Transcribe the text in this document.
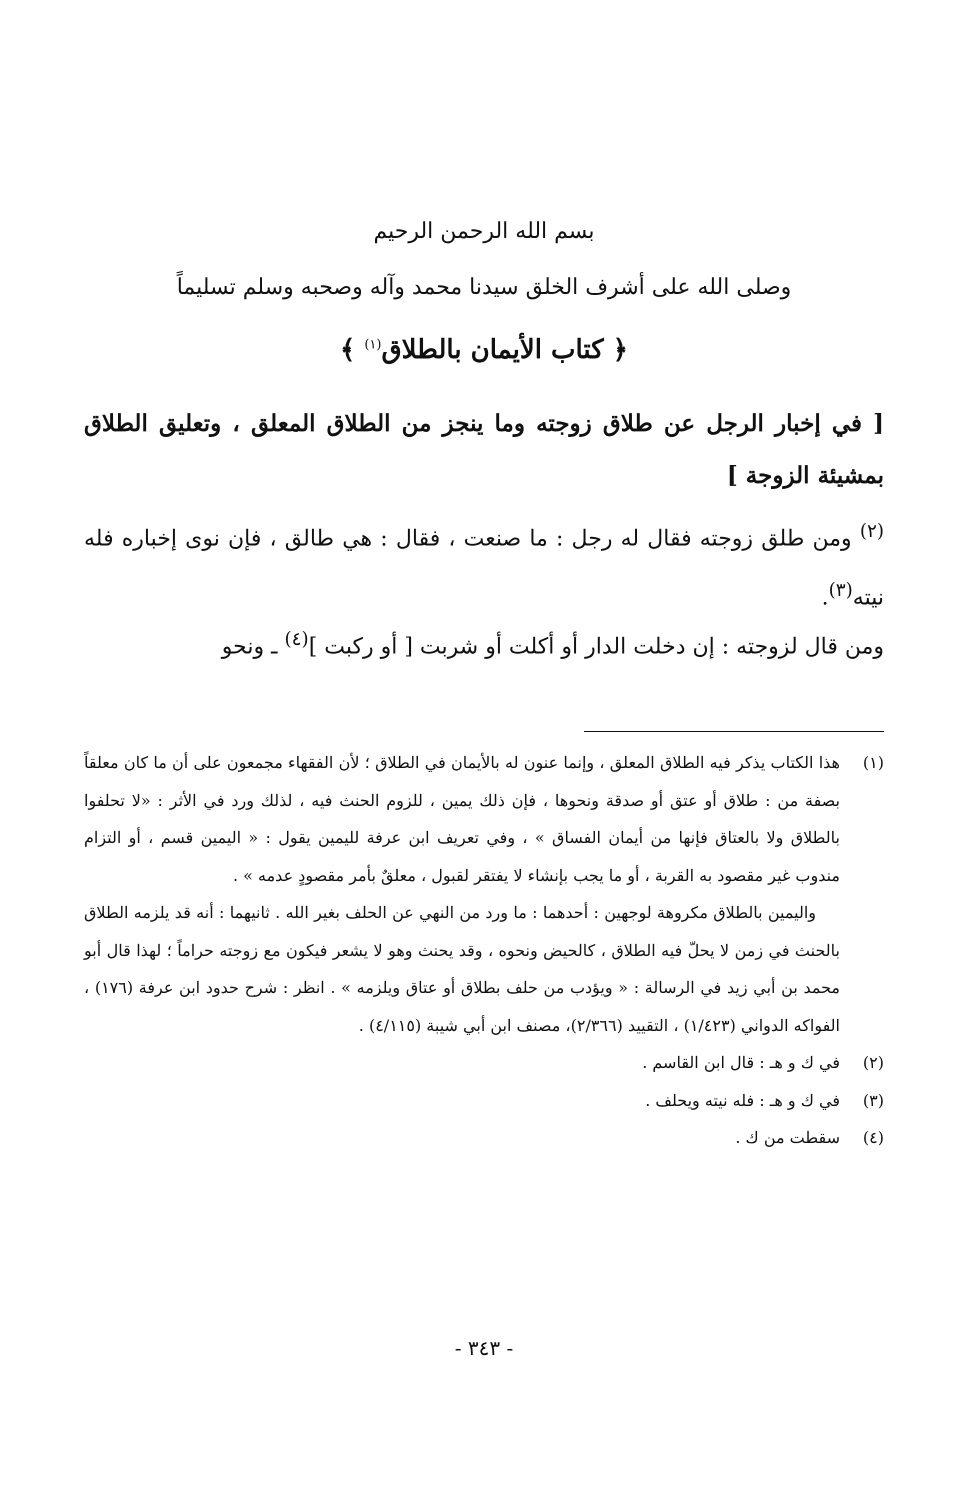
بسم الله الرحمن الرحيم
وصلى الله على أشرف الخلق سيدنا محمد وآله وصحبه وسلم تسليماً
﴿ كتاب الأيمان بالطلاق$^{(١)}$ ﴾
[ في إخبار الرجل عن طلاق زوجته وما ينجز من الطلاق المعلق ، وتعليق الطلاق بمشيئة الزوجة ]

$^{(٢)}$ ومن طلق زوجته فقال له رجل : ما صنعت ، فقال : هي طالق ، فإن نوى إخباره فله نيته$^{(٣)}$.

ومن قال لزوجته : إن دخلت الدار أو أكلت أو شربت [ أو ركبت ]$^{(٤)}$ ـ ونحو

(١)
هذا الكتاب يذكر فيه الطلاق المعلق ، وإنما عنون له بالأيمان في الطلاق ؛ لأن الفقهاء مجمعون على أن ما كان معلقاً بصفة من : طلاق أو عتق أو صدقة ونحوها ، فإن ذلك يمين ، للزوم الحنث فيه ، لذلك ورد في الأثر : «لا تحلفوا بالطلاق ولا بالعتاق فإنها من أيمان الفساق » ، وفي تعريف ابن عرفة لليمين يقول : « اليمين قسم ، أو التزام مندوب غير مقصود به القربة ، أو ما يجب بإنشاء لا يفتقر لقبول ، معلقٌ بأمر مقصودٍ عدمه » .

واليمين بالطلاق مكروهة لوجهين : أحدهما : ما ورد من النهي عن الحلف بغير الله . ثانيهما : أنه قد يلزمه الطلاق بالحنث في زمن لا يحلّ فيه الطلاق ، كالحيض ونحوه ، وقد يحنث وهو لا يشعر فيكون مع زوجته حراماً ؛ لهذا قال أبو محمد بن أبي زيد في الرسالة : « ويؤدب من حلف بطلاق أو عتاق ويلزمه » . انظر : شرح حدود ابن عرفة (١٧٦) ، الفواكه الدواني (١/٤٢٣) ، التقييد (٢/٣٦٦)، مصنف ابن أبي شيبة (٤/١١٥) .

(٢)
في ك و هـ : قال ابن القاسم .

(٣)
في ك و هـ : فله نيته ويحلف .

(٤)
سقطت من ك .

- ٣٤٣ -
